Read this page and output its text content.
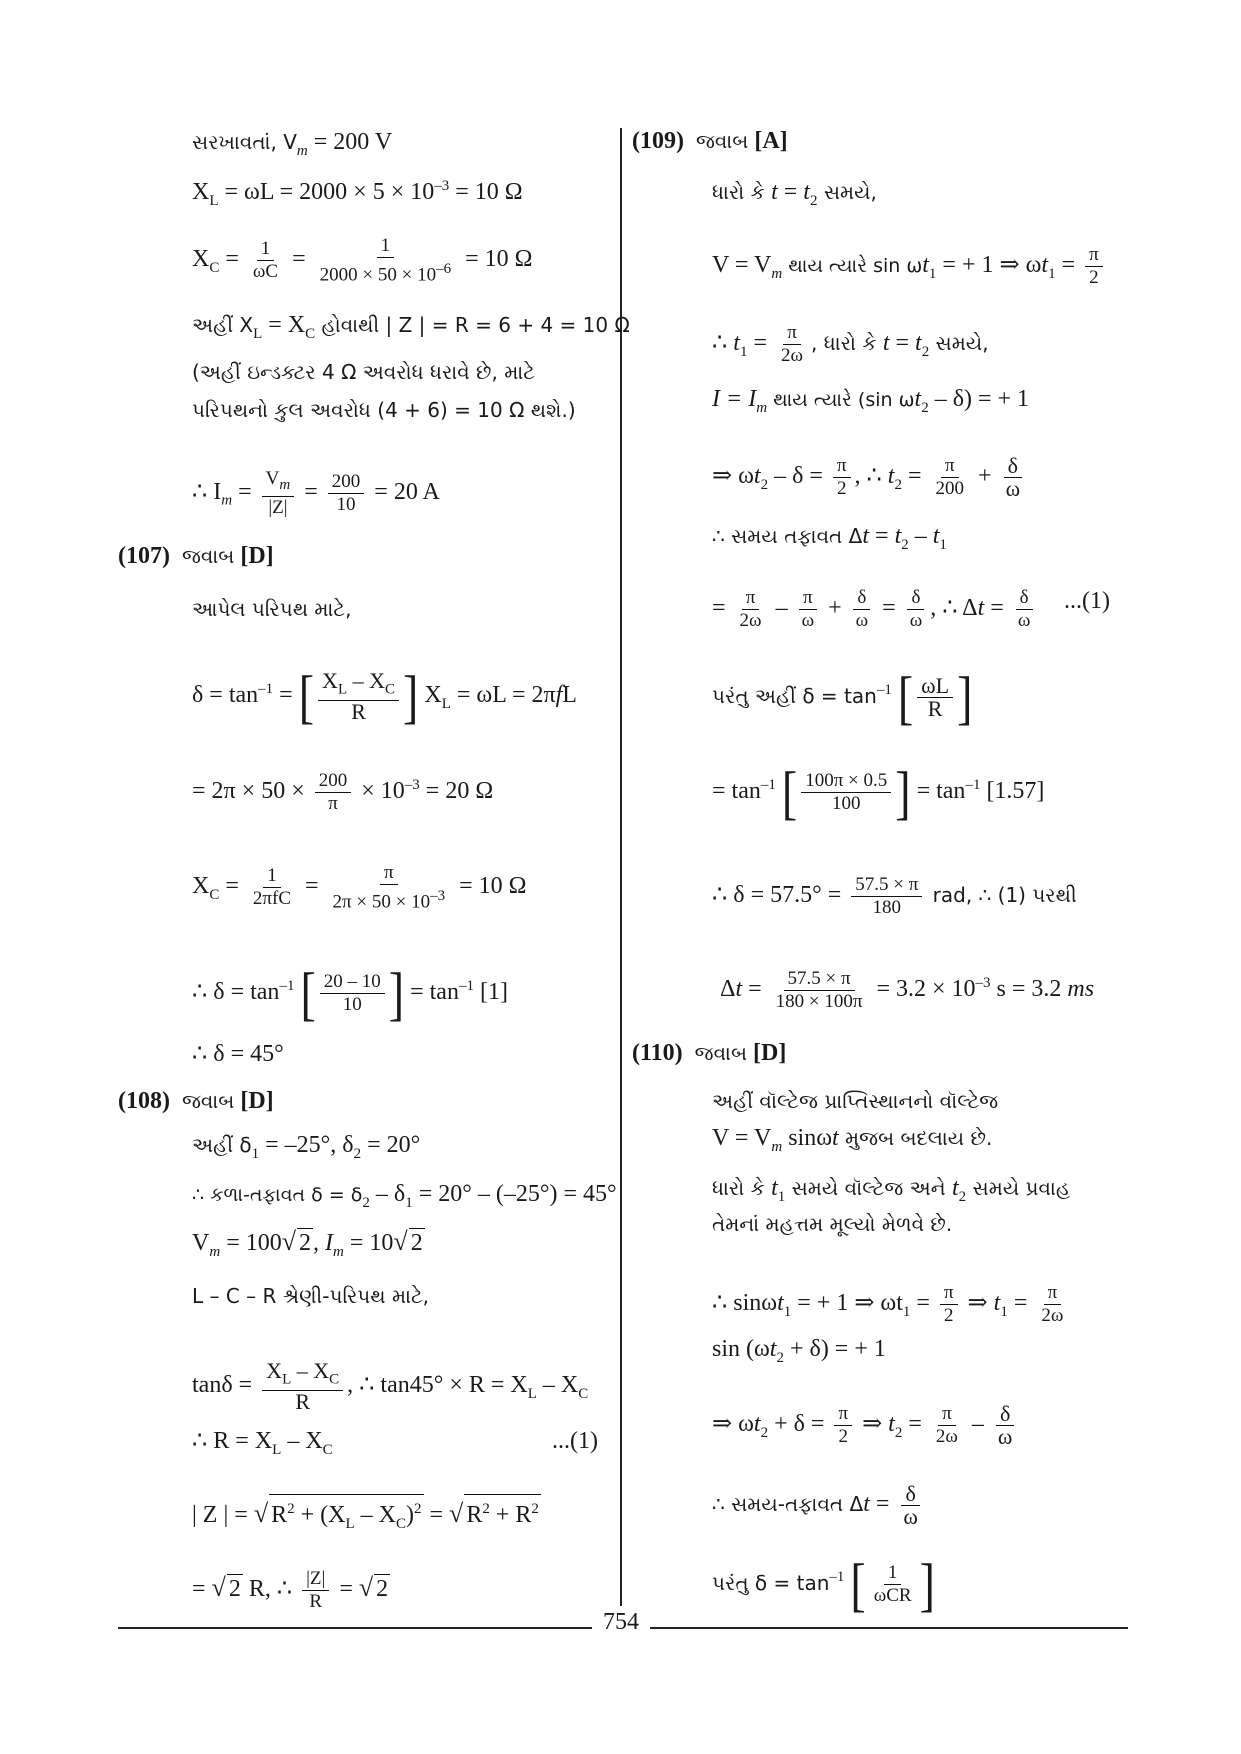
સરખાવતાં, $V_m = 200$ V
$X_L = \omega L = 2000 \times 5 \times 10^{-3} = 10$ Ω
$X_C = \frac{1}{\omega C} = \frac{1}{2000 \times 50 \times 10^{-6}} = 10$ Ω
અહીં $X_L = X_C$ હોવાથી | Z | = R = 6 + 4 = 10 Ω
(અહીં ઇન્ડક્ટર 4 Ω અવરોધ ધરાવે છે, માટે
પરિપથનો કુલ અવરોધ (4 + 6) = 10 Ω થશે.)
∴ $I_m = \frac{V_m}{|Z|} = \frac{200}{10} = 20$ A
(107) જવાબ [D]
આપેલ પરિપથ માટે,
$\delta = \tan^{-1}$ = [ $\frac{X_L - X_C}{R}$ ] $X_L = \omega L = 2\pi fL$
= $2\pi \times 50 \times \frac{200}{\pi} \times 10^{-3} = 20$ Ω
$X_C = \frac{1}{\text{2πfC}} = \frac{\pi}{2\pi \times 50 \times 10^{-3}} = 10$ Ω
∴ $\delta = \tan^{-1}$ [ $\frac{20 - 10}{10}$ ] = $\tan^{-1} [1]$
∴ δ = 45°
(108) જવાબ [D]
અહીં $\delta_1 = -25^\circ$, $\delta_2 = 20^\circ$
∴ કળા-તફાવત $\delta = \delta_2 - \delta_1 = 20^\circ - (-25^\circ) = 45^\circ$
$V_m = 100√$ 2, $I_m = 10√$ 2
L – C – R શ્રેણી-પરિપથ માટે,
$\tan\delta = \frac{X_L - X_C}{R}$ , ∴ $\tan 45^\circ \times R = X_L - X_C$
∴ $R = X_L - X_C$	...(1)
| Z | = √ $R^2 + (X_L - X_C)^2$ = √ $R^2 + R^2$
= √ 2 R, ∴ $\frac{|Z|}{R}$ = √ 2
(109) જવાબ [A]
ધારો કે $t = t_2$ સમયે,
$V = V_m$ થાય ત્યારે $\sin \omega t_1$ = + 1 ⇒ $\omega t_1 = \frac{\pi}{2}$
∴ $t_1 = \frac{\pi}{2\omega}$ , ધારો કે $t = t_2$ સમયે,
$I = I_m$ થાય ત્યારે (sin $\omega t_2 - \delta$) = + 1
⇒ $\omega t_2 - \delta = \frac{\pi}{2}$ , ∴ $t_2 = \frac{\pi}{200} + \frac{\delta}{\omega}$
∴ સમય તફાવત $\Delta t = t_2 - t_1$
= $\frac{\pi}{2\omega} - \frac{\pi}{\omega} + \frac{\delta}{\omega} = \frac{\delta}{\omega}$ , ∴ $\Delta t = \frac{\delta}{\omega} ...(1)$
પરંતુ અહીં $\delta = \tan^{-1}$ [ $\frac{\omega L}{R}$ ]
= $\tan^{-1}$ [ $\frac{100\pi \times 0.5}{100}$ ] = $\tan^{-1} [1.57]$
∴ $\delta = 57.5^\circ = \frac{57.5 \times \pi}{180}$ rad, ∴ (1) પરથી
$\Delta t = \frac{57.5 \times \pi}{180 \times 100\pi} = 3.2 \times 10^{-3}$ s = 3.2 ms
(110) જવાબ [D]
અહીં વૉલ્ટેજ પ્રાપ્તિસ્થાનનો વૉલ્ટેજ
$V = V_m$ sinωt મુજબ બદલાય છે.
ધારો કે $t_1$ સમયે વૉલ્ટેજ અને $t_2$ સમયે પ્રવાહ
તેમનાં મહત્તમ મૂલ્યો મેળવે છે.
∴ sinωt$_1$ = + 1 ⇒ $\omega t_1 = \frac{\pi}{2}$ ⇒ $t_1 = \frac{\pi}{2\omega}$
$\sin (\omega t_2 + \delta)$ = + 1
⇒ $\omega t_2 + \delta = \frac{\pi}{2}$ ⇒ $t_2 = \frac{\pi}{2\omega} - \frac{\delta}{\omega}$
∴ સમય-તફાવત $\Delta t = \frac{\delta}{\omega}$
પરંતુ $\delta = \tan^{-1}$ [ $\frac{1}{\text{ωCR}}$ ]
754
